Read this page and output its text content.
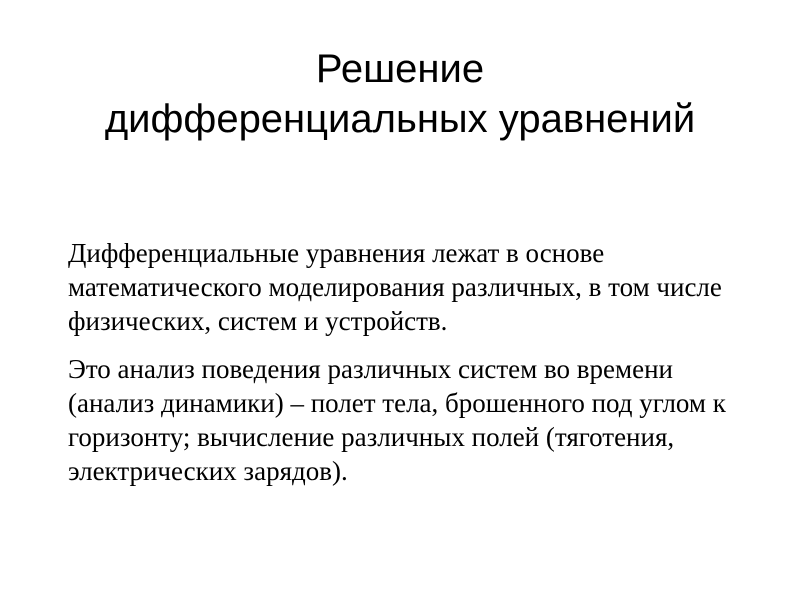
Решение
дифференциальных уравнений

Дифференциальные уравнения лежат в основе математического моделирования различных, в том числе физических, систем и устройств.

Это анализ поведения различных систем во времени (анализ динамики) – полет тела, брошенного под углом к горизонту; вычисление различных полей (тяготения, электрических зарядов).
